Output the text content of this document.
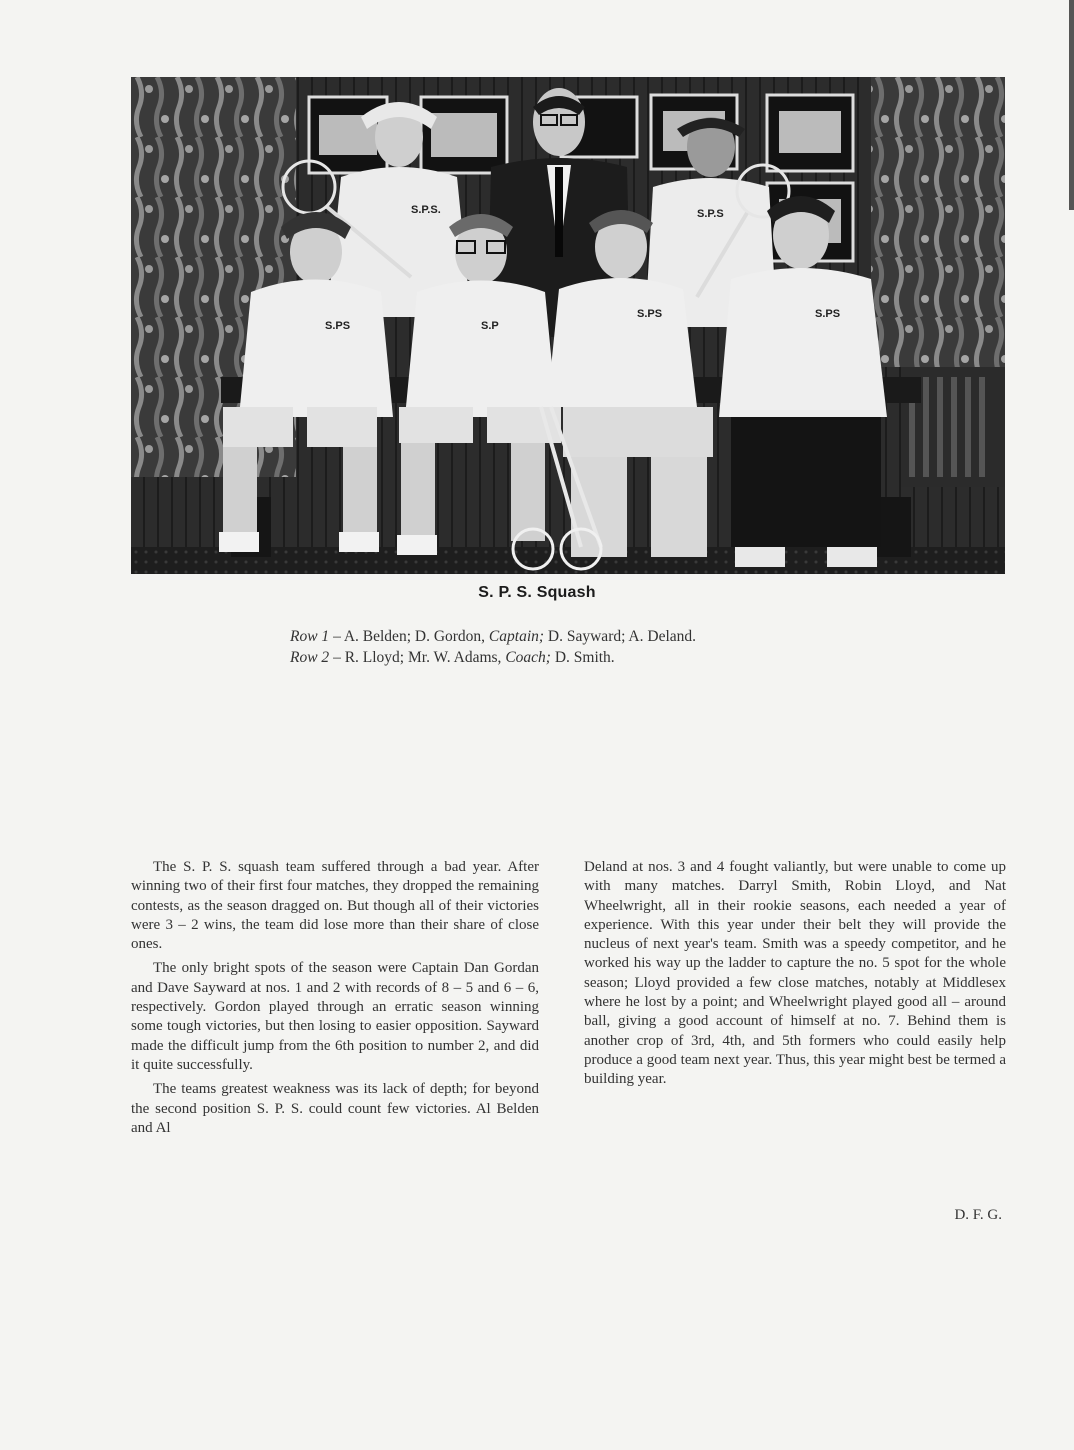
S.P.S.	S.P.S
S.PS	S.P
S.PS	S.PS
S. P. S. Squash
Row 1 – A. Belden; D. Gordon, Captain; D. Sayward; A. Deland.
Row 2 – R. Lloyd; Mr. W. Adams, Coach; D. Smith.

The S. P. S. squash team suffered through a bad year. After winning two of their first four matches, they dropped the remaining contests, as the season dragged on. But though all of their victories were 3 – 2 wins, the team did lose more than their share of close ones.

The only bright spots of the season were Captain Dan Gordan and Dave Sayward at nos. 1 and 2 with records of 8 – 5 and 6 – 6, respectively. Gordon played through an erratic season winning some tough victories, but then losing to easier opposition. Sayward made the difficult jump from the 6th position to number 2, and did it quite successfully.

The teams greatest weakness was its lack of depth; for beyond the second position S. P. S. could count few victories. Al Belden and Al

Deland at nos. 3 and 4 fought valiantly, but were unable to come up with many matches. Darryl Smith, Robin Lloyd, and Nat Wheelwright, all in their rookie seasons, each needed a year of experience. With this year under their belt they will provide the nucleus of next year's team. Smith was a speedy competitor, and he worked his way up the ladder to capture the no. 5 spot for the whole season; Lloyd provided a few close matches, notably at Middlesex where he lost by a point; and Wheelwright played good all – around ball, giving a good account of himself at no. 7. Behind them is another crop of 3rd, 4th, and 5th formers who could easily help produce a good team next year. Thus, this year might best be termed a building year.

D. F. G.
